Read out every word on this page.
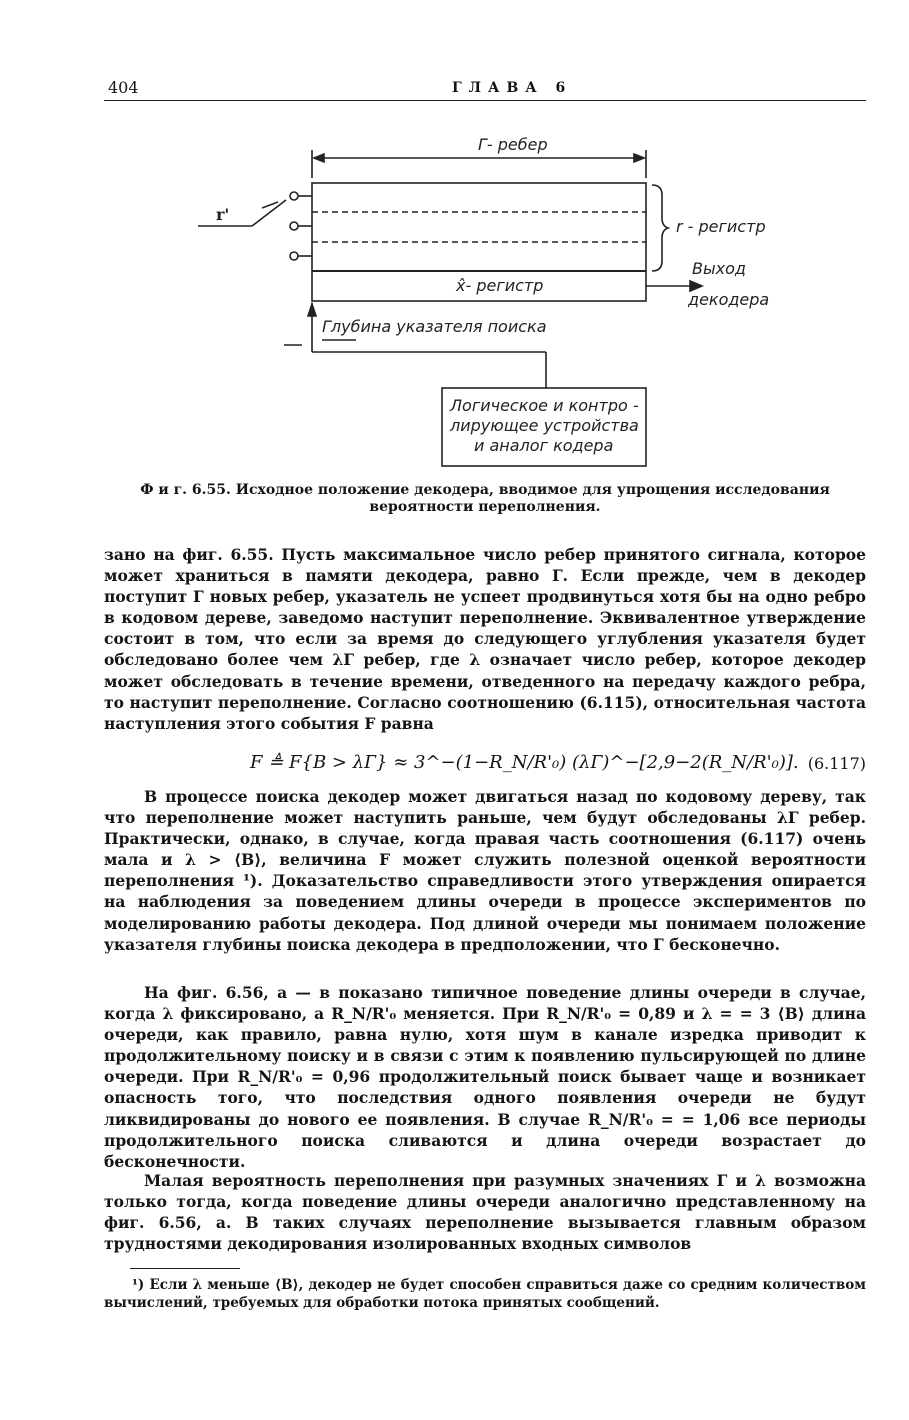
404	ГЛАВА 6
Г- ребер
r'
r - регистр
x̂- регистр
Выход
декодера
Глубина указателя поиска
Логическое и контро -
лирующее устройства
и аналог кодера
Ф и г. 6.55. Исходное положение декодера, вводимое для упрощения исследования
вероятности переполнения.

зано на фиг. 6.55. Пусть максимальное число ребер принятого сигнала, которое может храниться в памяти декодера, равно Г. Если прежде, чем в декодер поступит Г новых ребер, указатель не успеет продвинуться хотя бы на одно ребро в кодовом дереве, заведомо наступит переполнение. Эквивалентное утверждение состоит в том, что если за время до следующего углубления указателя будет обследовано более чем λГ ребер, где λ означает число ребер, которое декодер может обследовать в течение времени, отведенного на передачу каждого ребра, то наступит переполнение. Согласно соотношению (6.115), относительная частота наступления этого события F равна

F ≜ F{B > λГ} ≈ 3^−(1−R_N/R'₀) (λГ)^−[2,9−2(R_N/R'₀)]. (6.117)

В процессе поиска декодер может двигаться назад по кодовому дереву, так что переполнение может наступить раньше, чем будут обследованы λГ ребер. Практически, однако, в случае, когда правая часть соотношения (6.117) очень мала и λ > ⟨B⟩, величина F может служить полезной оценкой вероятности переполнения ¹). Доказательство справедливости этого утверждения опирается на наблюдения за поведением длины очереди в процессе экспериментов по моделированию работы декодера. Под длиной очереди мы понимаем положение указателя глубины поиска декодера в предположении, что Г бесконечно.

На фиг. 6.56, а — в показано типичное поведение длины очереди в случае, когда λ фиксировано, а R_N/R'₀ меняется. При R_N/R'₀ = 0,89 и λ = = 3 ⟨B⟩ длина очереди, как правило, равна нулю, хотя шум в канале изредка приводит к продолжительному поиску и в связи с этим к появлению пульсирующей по длине очереди. При R_N/R'₀ = 0,96 продолжительный поиск бывает чаще и возникает опасность того, что последствия одного появления очереди не будут ликвидированы до нового ее появления. В случае R_N/R'₀ = = 1,06 все периоды продолжительного поиска сливаются и длина очереди возрастает до бесконечности.

Малая вероятность переполнения при разумных значениях Г и λ возможна только тогда, когда поведение длины очереди аналогично представленному на фиг. 6.56, а. В таких случаях переполнение вызывается главным образом трудностями декодирования изолированных входных символов

¹) Если λ меньше ⟨B⟩, декодер не будет способен справиться даже со средним количеством вычислений, требуемых для обработки потока принятых сообщений.
